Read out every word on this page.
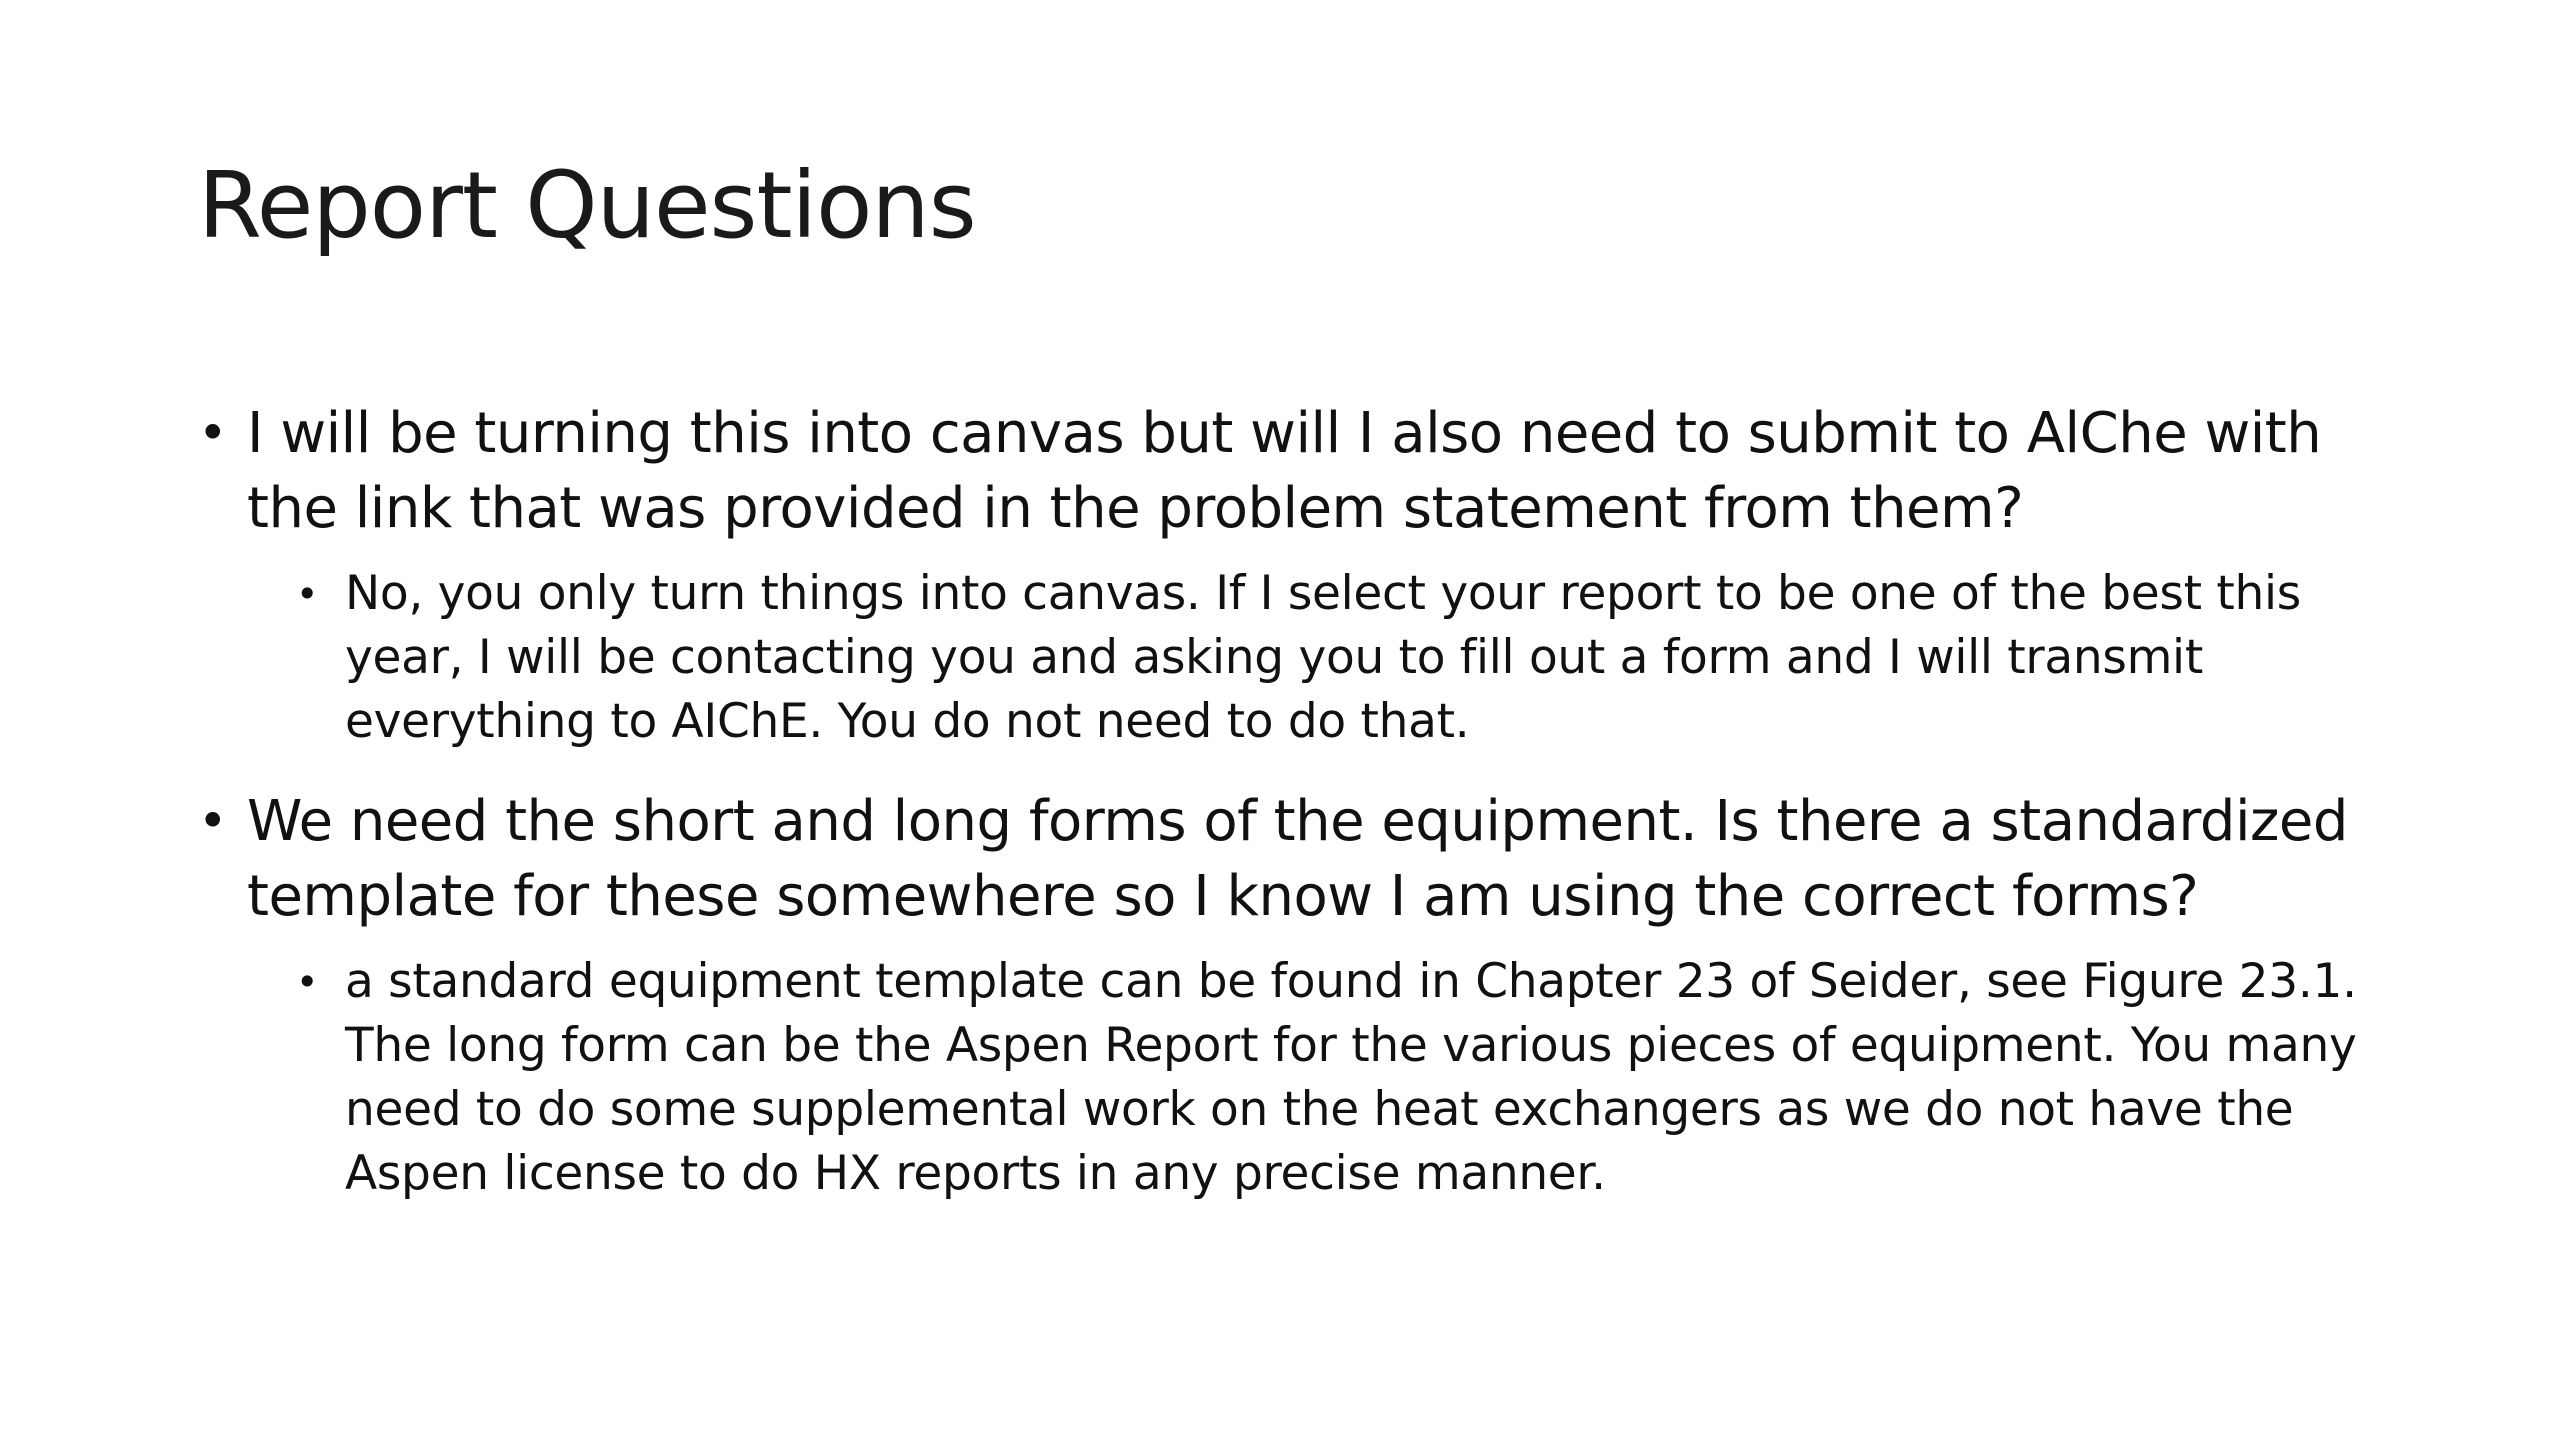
Report Questions
• I will be turning this into canvas but will I also need to submit to AlChe with the link that was provided in the problem statement from them?
• No, you only turn things into canvas. If I select your report to be one of the best this year, I will be contacting you and asking you to fill out a form and I will transmit everything to AIChE. You do not need to do that.
• We need the short and long forms of the equipment. Is there a standardized template for these somewhere so I know I am using the correct forms?
• a standard equipment template can be found in Chapter 23 of Seider, see Figure 23.1. The long form can be the Aspen Report for the various pieces of equipment. You many need to do some supplemental work on the heat exchangers as we do not have the Aspen license to do HX reports in any precise manner.
